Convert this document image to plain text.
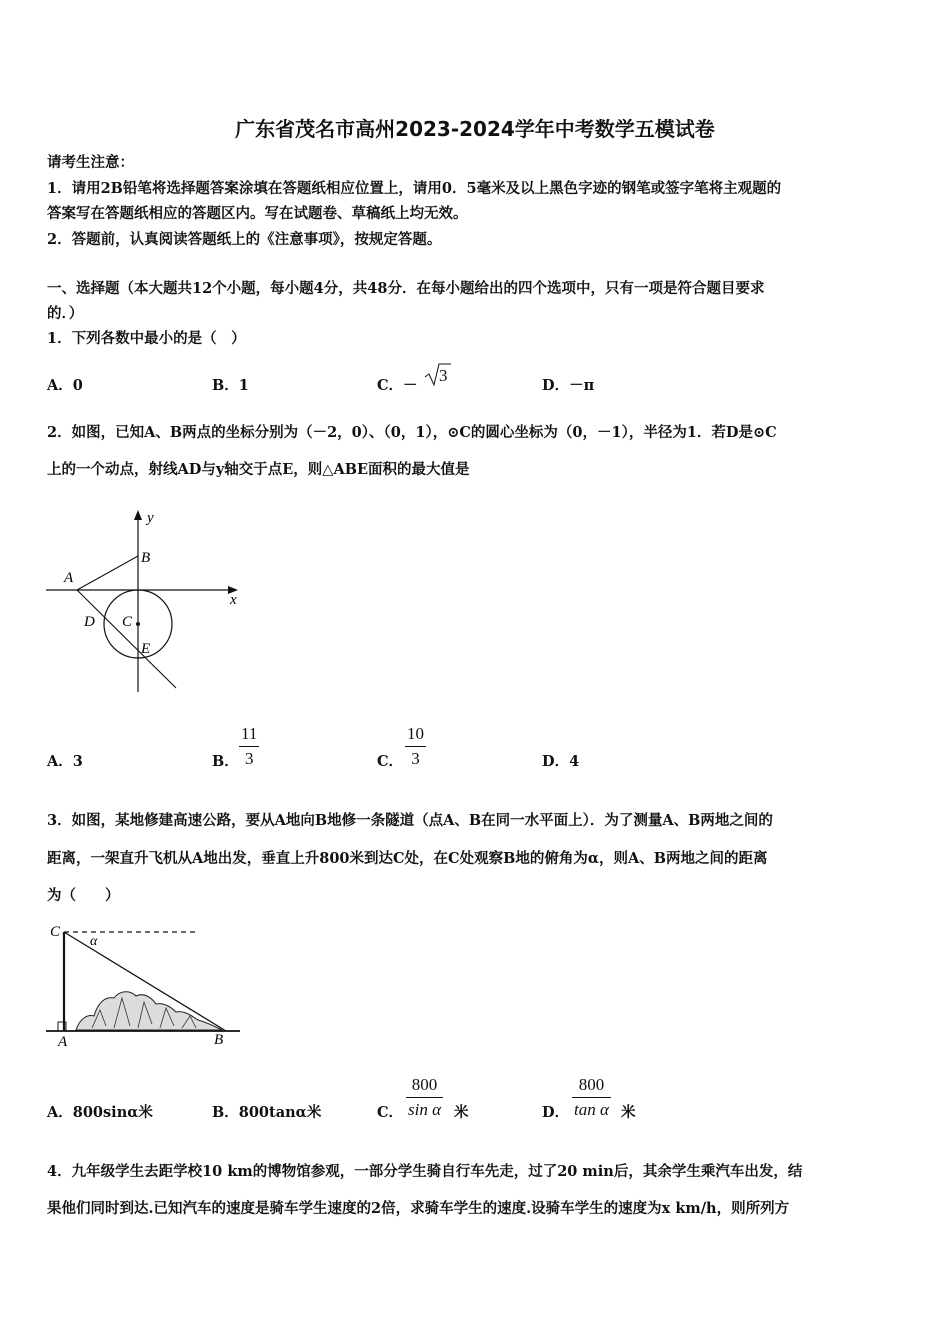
广东省茂名市高州2023-2024学年中考数学五模试卷
请考生注意：
1．请用2B铅笔将选择题答案涂填在答题纸相应位置上，请用0．5毫米及以上黑色字迹的钢笔或签字笔将主观题的
答案写在答题纸相应的答题区内。写在试题卷、草稿纸上均无效。
2．答题前，认真阅读答题纸上的《注意事项》，按规定答题。
一、选择题（本大题共12个小题，每小题4分，共48分．在每小题给出的四个选项中，只有一项是符合题目要求
的．）
1．下列各数中最小的是（　）
A．0	B．1	C．－
3
D．－π
2．如图，已知A、B两点的坐标分别为（－2，0）、（0，1），⊙C的圆心坐标为（0，－1），半径为1．若D是⊙C
上的一个动点，射线AD与y轴交于点E，则△ABE面积的最大值是
y
x
A
B
C
D
E
A．3	B．
11
3	C．
10
3	D．4
3．如图，某地修建高速公路，要从A地向B地修一条隧道（点A、B在同一水平面上）．为了测量A、B两地之间的
距离，一架直升飞机从A地出发，垂直上升800米到达C处，在C处观察B地的俯角为α，则A、B两地之间的距离
为（　　）
C
α
A	B
A．800sinα米	B．800tanα米	C．
800
sin α 米	D．
800
tan α 米
4．九年级学生去距学校10 km的博物馆参观，一部分学生骑自行车先走，过了20 min后，其余学生乘汽车出发，结
果他们同时到达.已知汽车的速度是骑车学生速度的2倍，求骑车学生的速度.设骑车学生的速度为x km/h，则所列方
